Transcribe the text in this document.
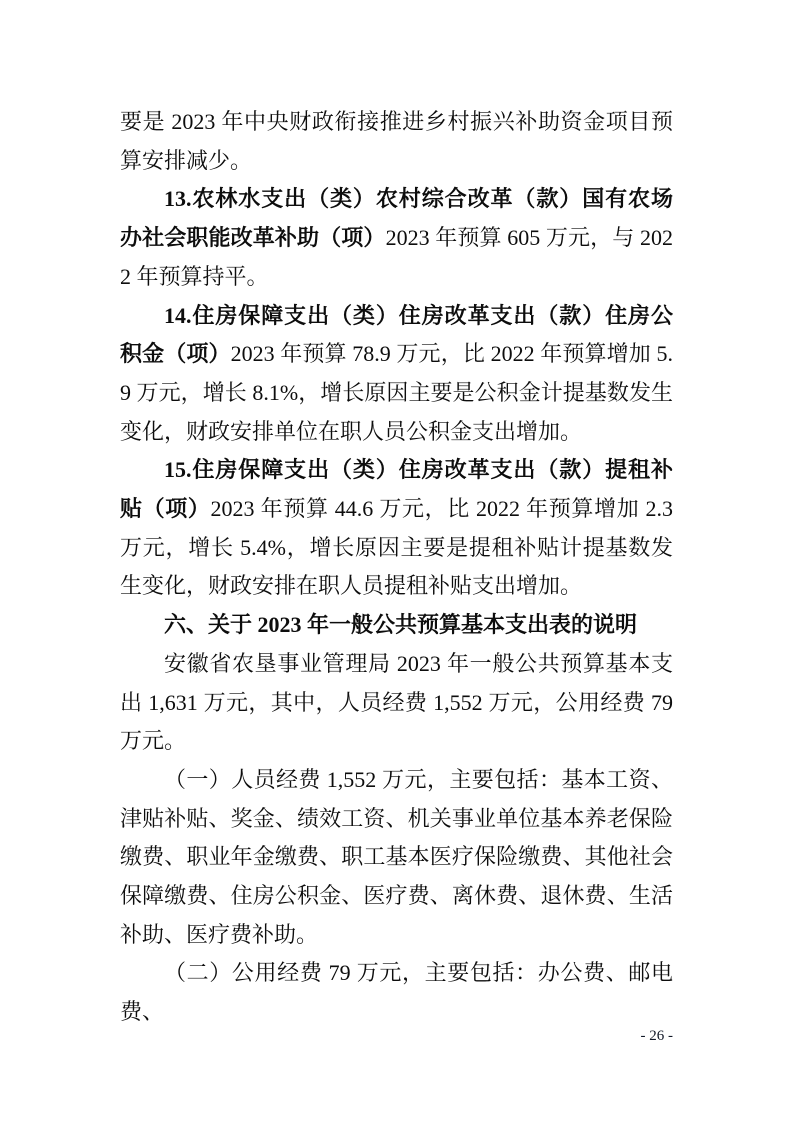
要是 2023 年中央财政衔接推进乡村振兴补助资金项目预算安排减少。

13.农林水支出（类）农村综合改革（款）国有农场办社会职能改革补助（项）2023 年预算 605 万元，与 2022 年预算持平。

14.住房保障支出（类）住房改革支出（款）住房公积金（项）2023 年预算 78.9 万元，比 2022 年预算增加 5.9 万元，增长 8.1%，增长原因主要是公积金计提基数发生变化，财政安排单位在职人员公积金支出增加。

15.住房保障支出（类）住房改革支出（款）提租补贴（项）2023 年预算 44.6 万元，比 2022 年预算增加 2.3 万元，增长 5.4%，增长原因主要是提租补贴计提基数发生变化，财政安排在职人员提租补贴支出增加。

六、关于 2023 年一般公共预算基本支出表的说明

安徽省农垦事业管理局 2023 年一般公共预算基本支出 1,631 万元，其中，人员经费 1,552 万元，公用经费 79 万元。

（一）人员经费 1,552 万元，主要包括：基本工资、津贴补贴、奖金、绩效工资、机关事业单位基本养老保险缴费、职业年金缴费、职工基本医疗保险缴费、其他社会保障缴费、住房公积金、医疗费、离休费、退休费、生活补助、医疗费补助。

（二）公用经费 79 万元，主要包括：办公费、邮电费、

- 26 -
